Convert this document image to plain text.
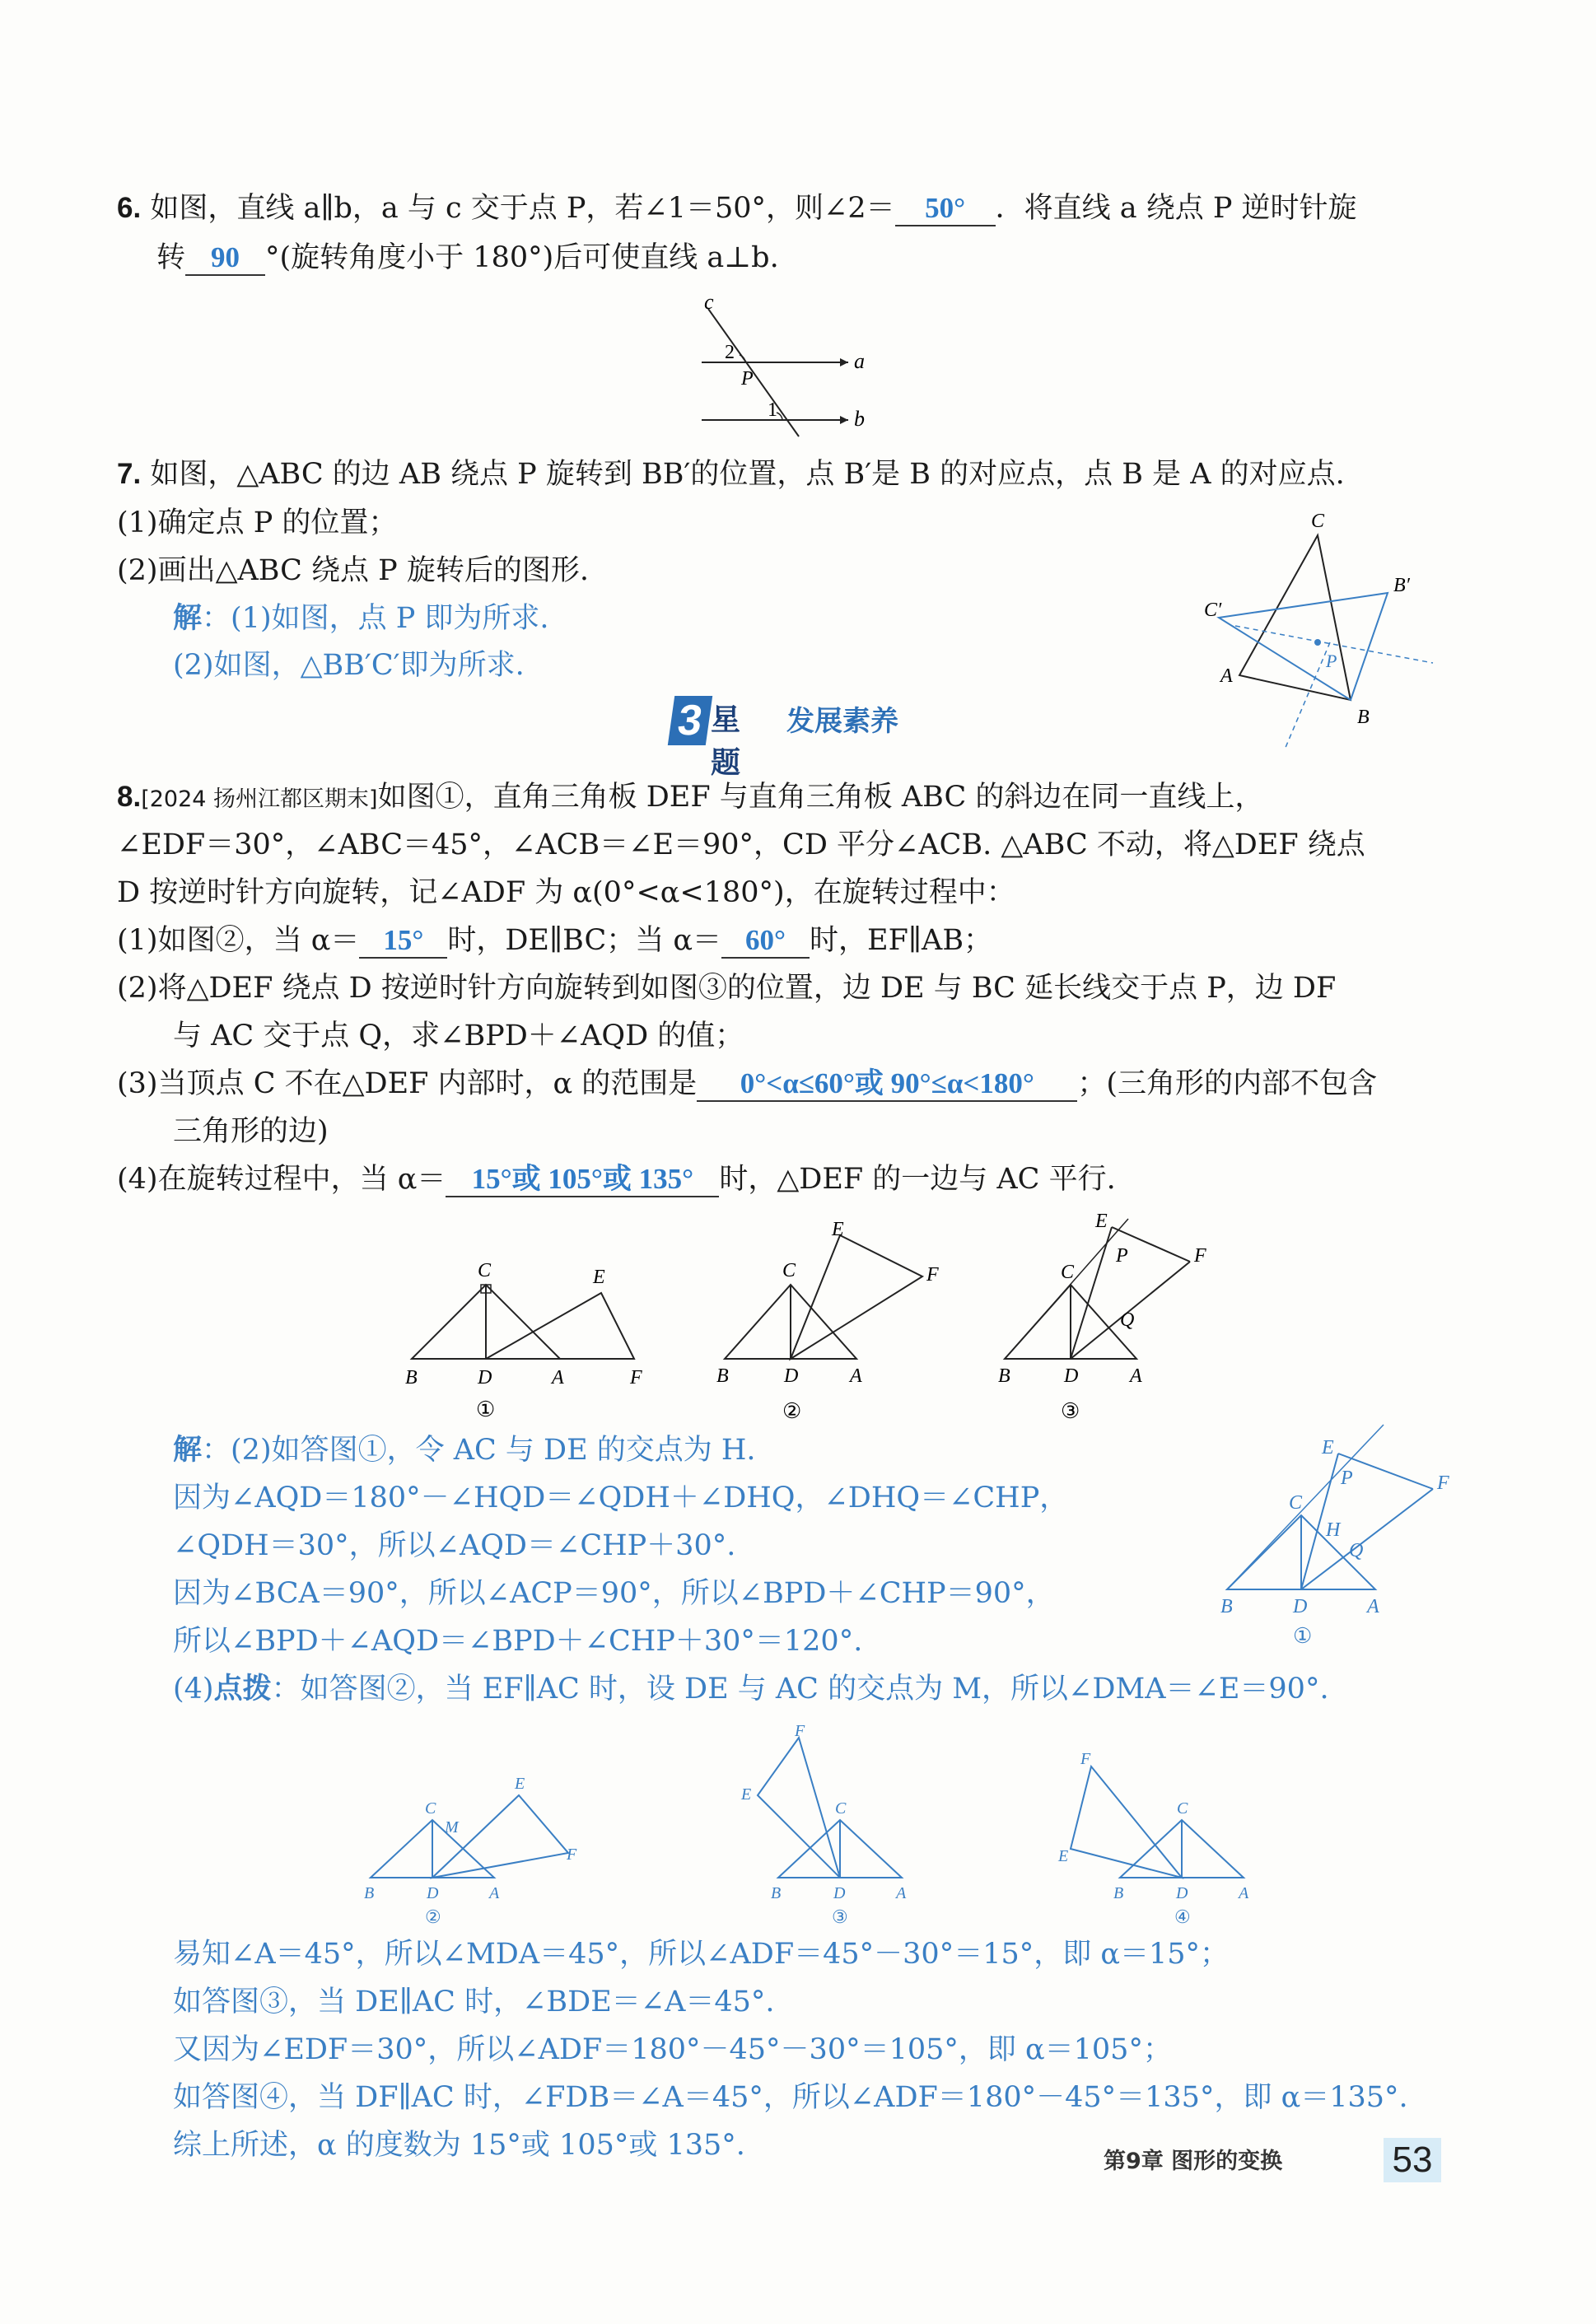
6. 如图，直线 a∥b，a 与 c 交于点 P，若∠1＝50°，则∠2＝ 50° ．将直线 a 绕点 P 逆时针旋
转 90 °(旋转角度小于 180°)后可使直线 a⊥b.
c
a
b
P
2
1
7. 如图，△ABC 的边 AB 绕点 P 旋转到 BB′的位置，点 B′是 B 的对应点，点 B 是 A 的对应点.
(1)确定点 P 的位置；
(2)画出△ABC 绕点 P 旋转后的图形.
解：(1)如图，点 P 即为所求.
(2)如图，△BB′C′即为所求.	P
C
B′
C′
A
B
3 星题
发展素养
8.[2024 扬州江都区期末]如图①，直角三角板 DEF 与直角三角板 ABC 的斜边在同一直线上，
∠EDF＝30°，∠ABC＝45°，∠ACB＝∠E＝90°，CD 平分∠ACB. △ABC 不动，将△DEF 绕点
D 按逆时针方向旋转，记∠ADF 为 α(0°<α<180°)，在旋转过程中：
(1)如图②，当 α＝ 15° 时，DE∥BC；当 α＝ 60° 时，EF∥AB；
(2)将△DEF 绕点 D 按逆时针方向旋转到如图③的位置，边 DE 与 BC 延长线交于点 P，边 DF
与 AC 交于点 Q，求∠BPD＋∠AQD 的值；
(3)当顶点 C 不在△DEF 内部时，α 的范围是 0°<α≤60°或 90°≤α<180° ；(三角形的内部不包含
三角形的边)
(4)在旋转过程中，当 α＝ 15°或 105°或 135° 时，△DEF 的一边与 AC 平行.
C	E
B	D	A	F
①
C
E
F
B	D	A
②
C
E
P	F
Q
B	D	A
③
解：(2)如答图①，令 AC 与 DE 的交点为 H.
因为∠AQD＝180°－∠HQD＝∠QDH＋∠DHQ，∠DHQ＝∠CHP，
∠QDH＝30°，所以∠AQD＝∠CHP＋30°.
因为∠BCA＝90°，所以∠ACP＝90°，所以∠BPD＋∠CHP＝90°，
所以∠BPD＋∠AQD＝∠BPD＋∠CHP＋30°＝120°.
(4)点拨：如答图②，当 EF∥AC 时，设 DE 与 AC 的交点为 M，所以∠DMA＝∠E＝90°.
C
E
P	F
H
Q
B	D	A
①
C
M
E
F
B	D	A
②
F
E
C
B	D	A
③
F
E
C
B	D	A
④
易知∠A＝45°，所以∠MDA＝45°，所以∠ADF＝45°－30°＝15°，即 α＝15°；
如答图③，当 DE∥AC 时，∠BDE＝∠A＝45°.
又因为∠EDF＝30°，所以∠ADF＝180°－45°－30°＝105°，即 α＝105°；
如答图④，当 DF∥AC 时，∠FDB＝∠A＝45°，所以∠ADF＝180°－45°＝135°，即 α＝135°.
综上所述，α 的度数为 15°或 105°或 135°.	第9章 图形的变换	53
